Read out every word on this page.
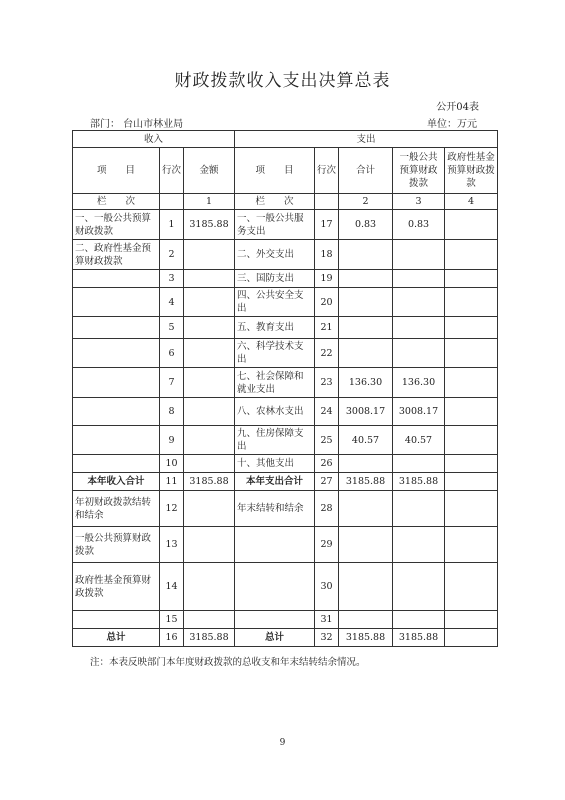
财政拨款收入支出决算总表
公开04表
部门： 台山市林业局	单位：万元
收入			支出				
项　　目	行次	金额	项　　目	行次	合计	一般公共预算财政拨款	政府性基金预算财政拨款
栏　　次		1	栏　　次		2	3	4
一、一般公共预算财政拨款	1	3185.88	一、一般公共服务支出	17	0.83	0.83	
二、政府性基金预算财政拨款	2		二、外交支出	18			
	3		三、国防支出	19			
	4		四、公共安全支出	20			
	5		五、教育支出	21			
	6		六、科学技术支出	22			
	7		七、社会保障和就业支出	23	136.30	136.30	
	8		八、农林水支出	24	3008.17	3008.17	
	9		九、住房保障支出	25	40.57	40.57	
	10		十、其他支出	26			
本年收入合计	11	3185.88	本年支出合计	27	3185.88	3185.88	
年初财政拨款结转和结余	12		年末结转和结余	28			
一般公共预算财政拨款	13			29			
政府性基金预算财政拨款	14			30			
	15			31			
总计	16	3185.88	总计	32	3185.88	3185.88	
注：本表反映部门本年度财政拨款的总收支和年末结转结余情况。
9
